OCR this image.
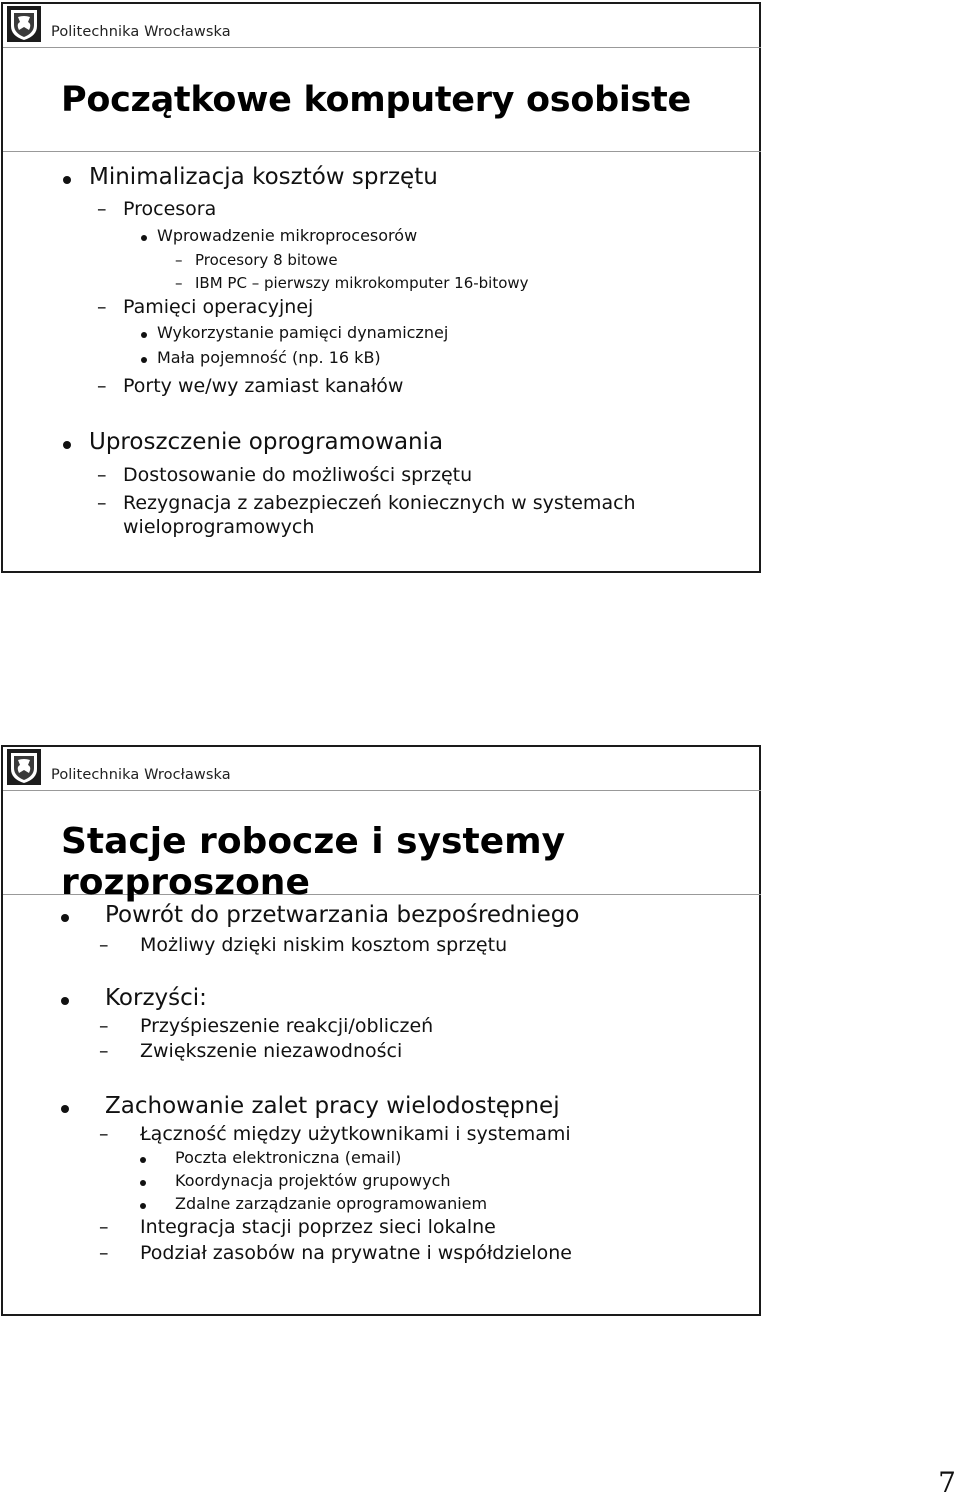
Politechnika Wrocławska
Początkowe komputery osobiste
Minimalizacja kosztów sprzętu
– Procesora
Wprowadzenie mikroprocesorów
– Procesory 8 bitowe
– IBM PC – pierwszy mikrokomputer 16-bitowy
– Pamięci operacyjnej
Wykorzystanie pamięci dynamicznej
Mała pojemność (np. 16 kB)
– Porty we/wy zamiast kanałów
Uproszczenie oprogramowania
– Dostosowanie do możliwości sprzętu
– Rezygnacja z zabezpieczeń koniecznych w systemach
wieloprogramowych
Politechnika Wrocławska
Stacje robocze i systemy rozproszone
Powrót do przetwarzania bezpośredniego
– Możliwy dzięki niskim kosztom sprzętu
Korzyści:
– Przyśpieszenie reakcji/obliczeń
– Zwiększenie niezawodności
Zachowanie zalet pracy wielodostępnej
– Łączność między użytkownikami i systemami
Poczta elektroniczna (email)
Koordynacja projektów grupowych
Zdalne zarządzanie oprogramowaniem
– Integracja stacji poprzez sieci lokalne
– Podział zasobów na prywatne i współdzielone
7
